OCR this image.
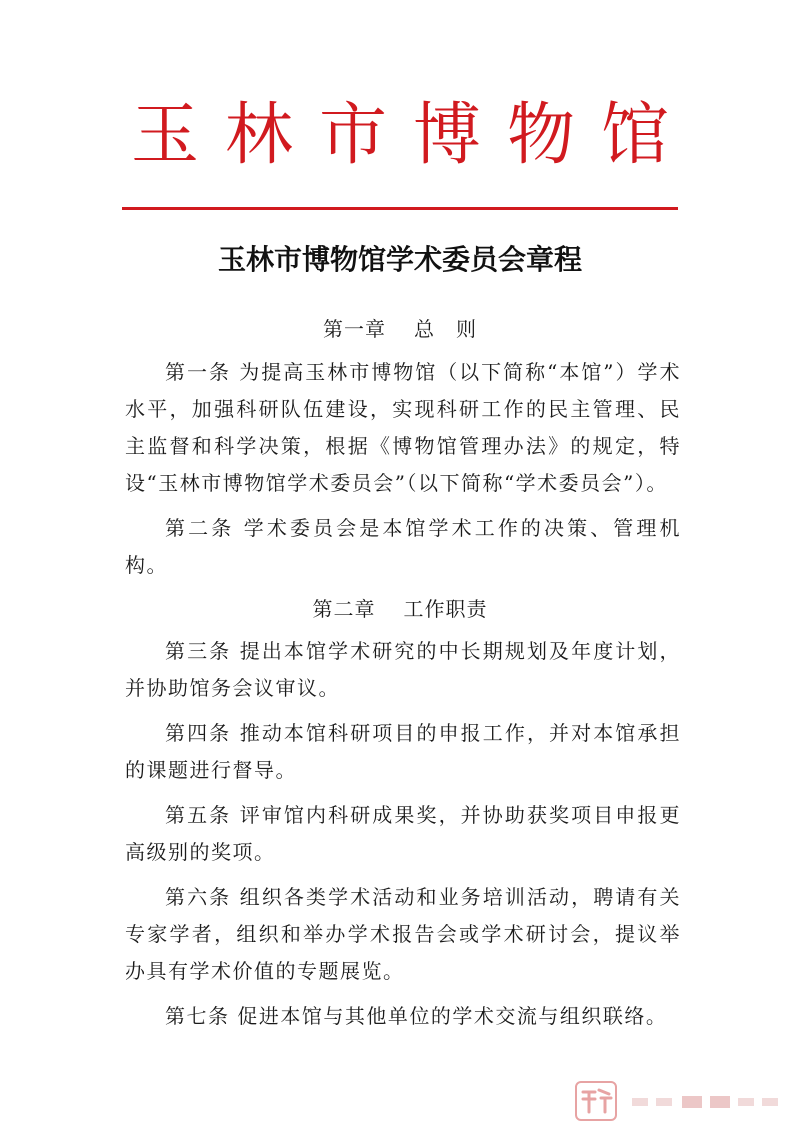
玉林市博物馆
玉林市博物馆学术委员会章程
第一章 总　则

第一条 为提高玉林市博物馆（以下简称“本馆”）学术水平，加强科研队伍建设，实现科研工作的民主管理、民主监督和科学决策，根据《博物馆管理办法》的规定，特设“玉林市博物馆学术委员会”（以下简称“学术委员会”）。

第二条 学术委员会是本馆学术工作的决策、管理机构。

第二章 工作职责

第三条 提出本馆学术研究的中长期规划及年度计划，并协助馆务会议审议。

第四条 推动本馆科研项目的申报工作，并对本馆承担的课题进行督导。

第五条 评审馆内科研成果奖，并协助获奖项目申报更高级别的奖项。

第六条 组织各类学术活动和业务培训活动，聘请有关专家学者，组织和举办学术报告会或学术研讨会，提议举办具有学术价值的专题展览。

第七条 促进本馆与其他单位的学术交流与组织联络。
